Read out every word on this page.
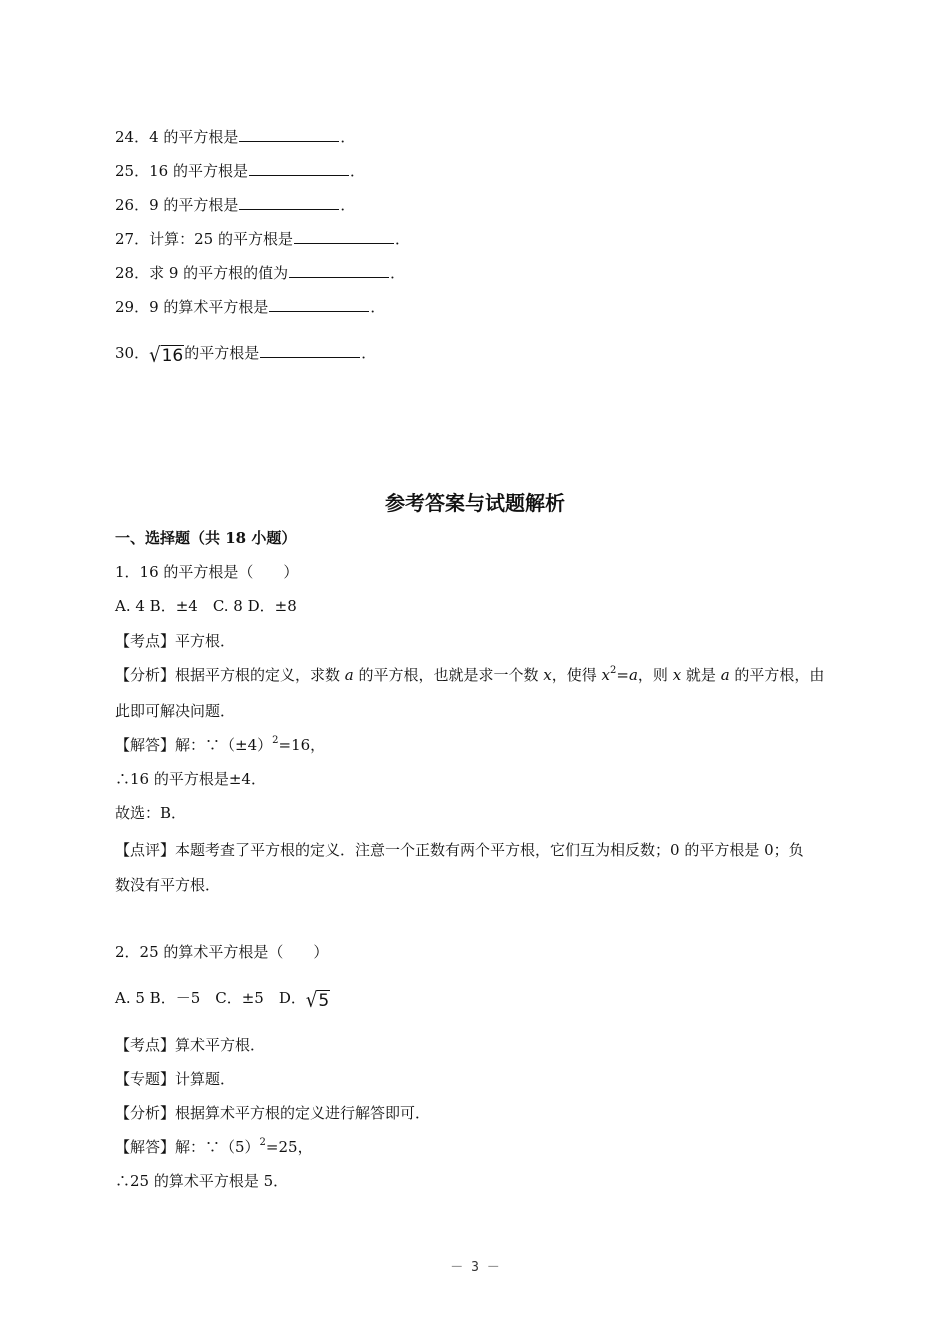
24．4 的平方根是	．
25．16 的平方根是	．
26．9 的平方根是	．
27．计算：25 的平方根是	．
28．求 9 的平方根的值为	．
29．9 的算术平方根是	．
30．√16的平方根是	．
参考答案与试题解析
一、选择题（共 18 小题）
1．16 的平方根是（　　）
A. 4 B．±4　C. 8 D．±8
【考点】平方根．
【分析】根据平方根的定义，求数 a 的平方根，也就是求一个数 x，使得 $x^2=a$，则 x 就是 a 的平方根，由
此即可解决问题．
【解答】解：$\because(\pm 4)^2=16$，
∴16 的平方根是±4．
故选：B．
【点评】本题考查了平方根的定义．注意一个正数有两个平方根，它们互为相反数；0 的平方根是 0；负
数没有平方根．
2．25 的算术平方根是（　　）
A. 5 B．－5　C．±5　D．√5
【考点】算术平方根．
【专题】计算题．
【分析】根据算术平方根的定义进行解答即可．
【解答】解：$\because(5)^2=25$，
∴25 的算术平方根是 5．
－ 3 －
